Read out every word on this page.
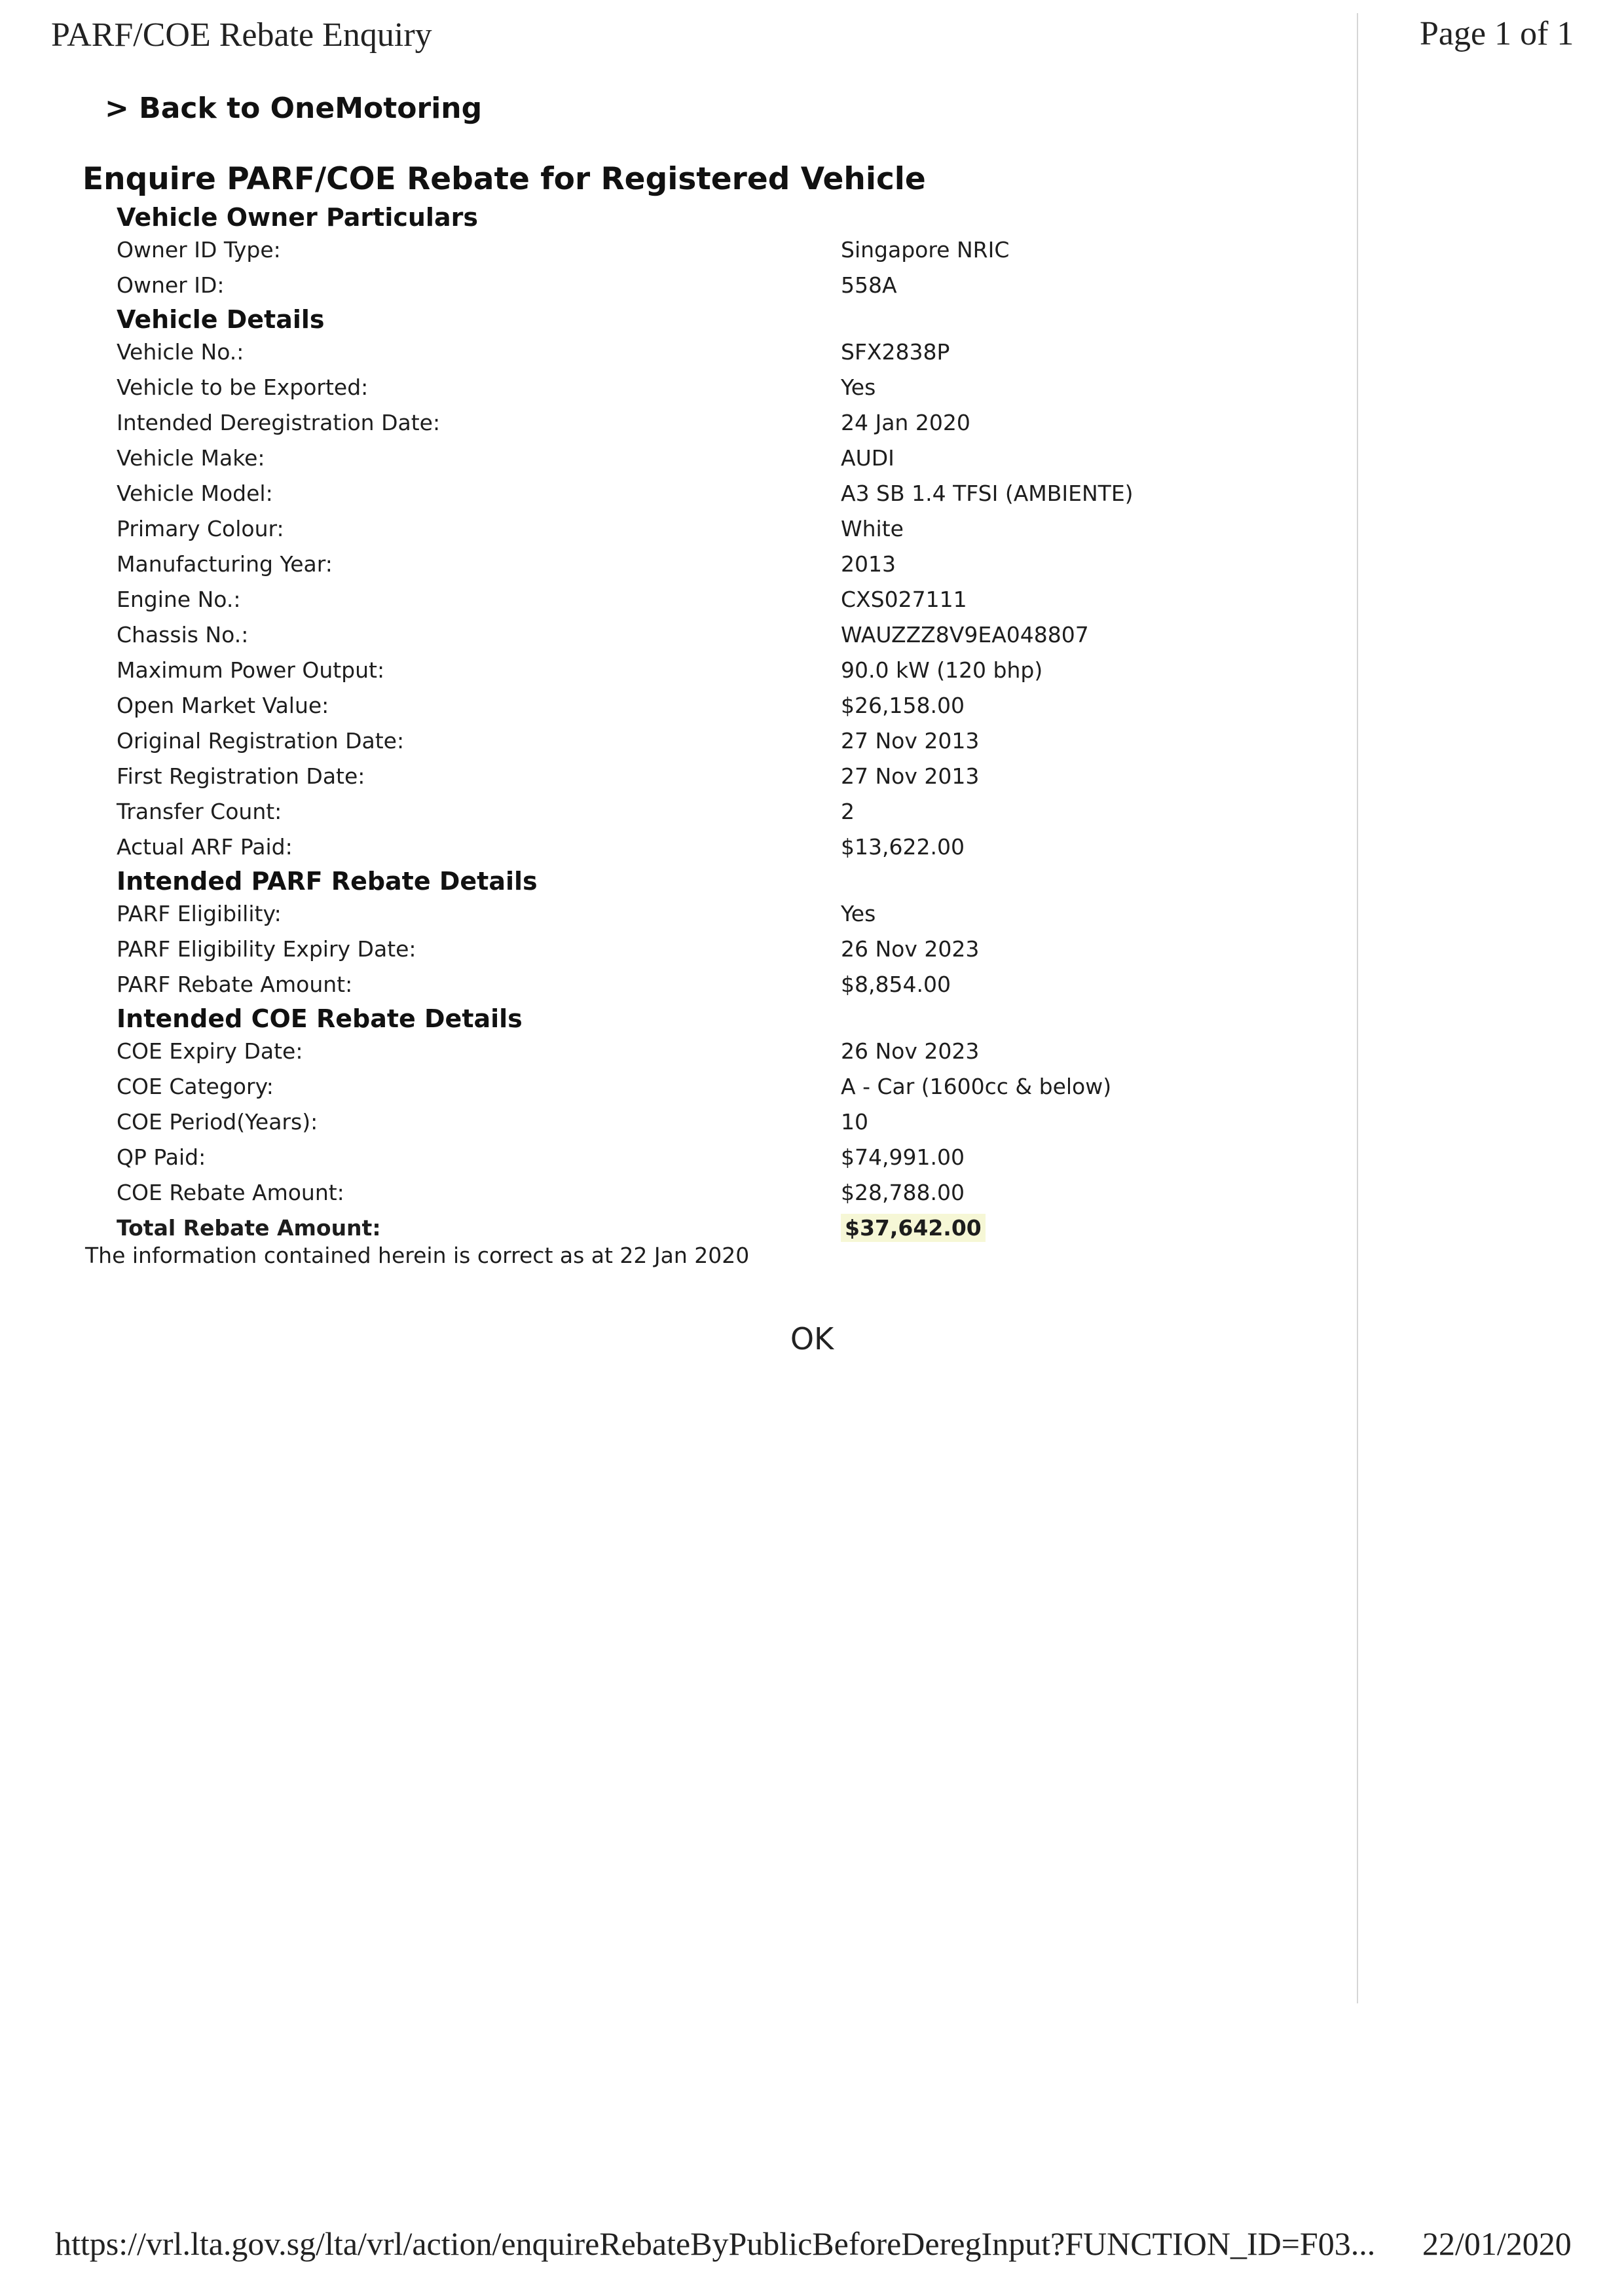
PARF/COE Rebate Enquiry	Page 1 of 1
> Back to OneMotoring
Enquire PARF/COE Rebate for Registered Vehicle
Vehicle Owner Particulars
Owner ID Type:	Singapore NRIC
Owner ID:	558A
Vehicle Details
Vehicle No.:	SFX2838P
Vehicle to be Exported:	Yes
Intended Deregistration Date:	24 Jan 2020
Vehicle Make:	AUDI
Vehicle Model:	A3 SB 1.4 TFSI (AMBIENTE)
Primary Colour:	White
Manufacturing Year:	2013
Engine No.:	CXS027111
Chassis No.:	WAUZZZ8V9EA048807
Maximum Power Output:	90.0 kW (120 bhp)
Open Market Value:	$26,158.00
Original Registration Date:	27 Nov 2013
First Registration Date:	27 Nov 2013
Transfer Count:	2
Actual ARF Paid:	$13,622.00
Intended PARF Rebate Details
PARF Eligibility:	Yes
PARF Eligibility Expiry Date:	26 Nov 2023
PARF Rebate Amount:	$8,854.00
Intended COE Rebate Details
COE Expiry Date:	26 Nov 2023
COE Category:	A - Car (1600cc & below)
COE Period(Years):	10
QP Paid:	$74,991.00
COE Rebate Amount:	$28,788.00
Total Rebate Amount:	$37,642.00
The information contained herein is correct as at 22 Jan 2020
OK
https://vrl.lta.gov.sg/lta/vrl/action/enquireRebateByPublicBeforeDeregInput?FUNCTION_ID=F03... 22/01/2020
